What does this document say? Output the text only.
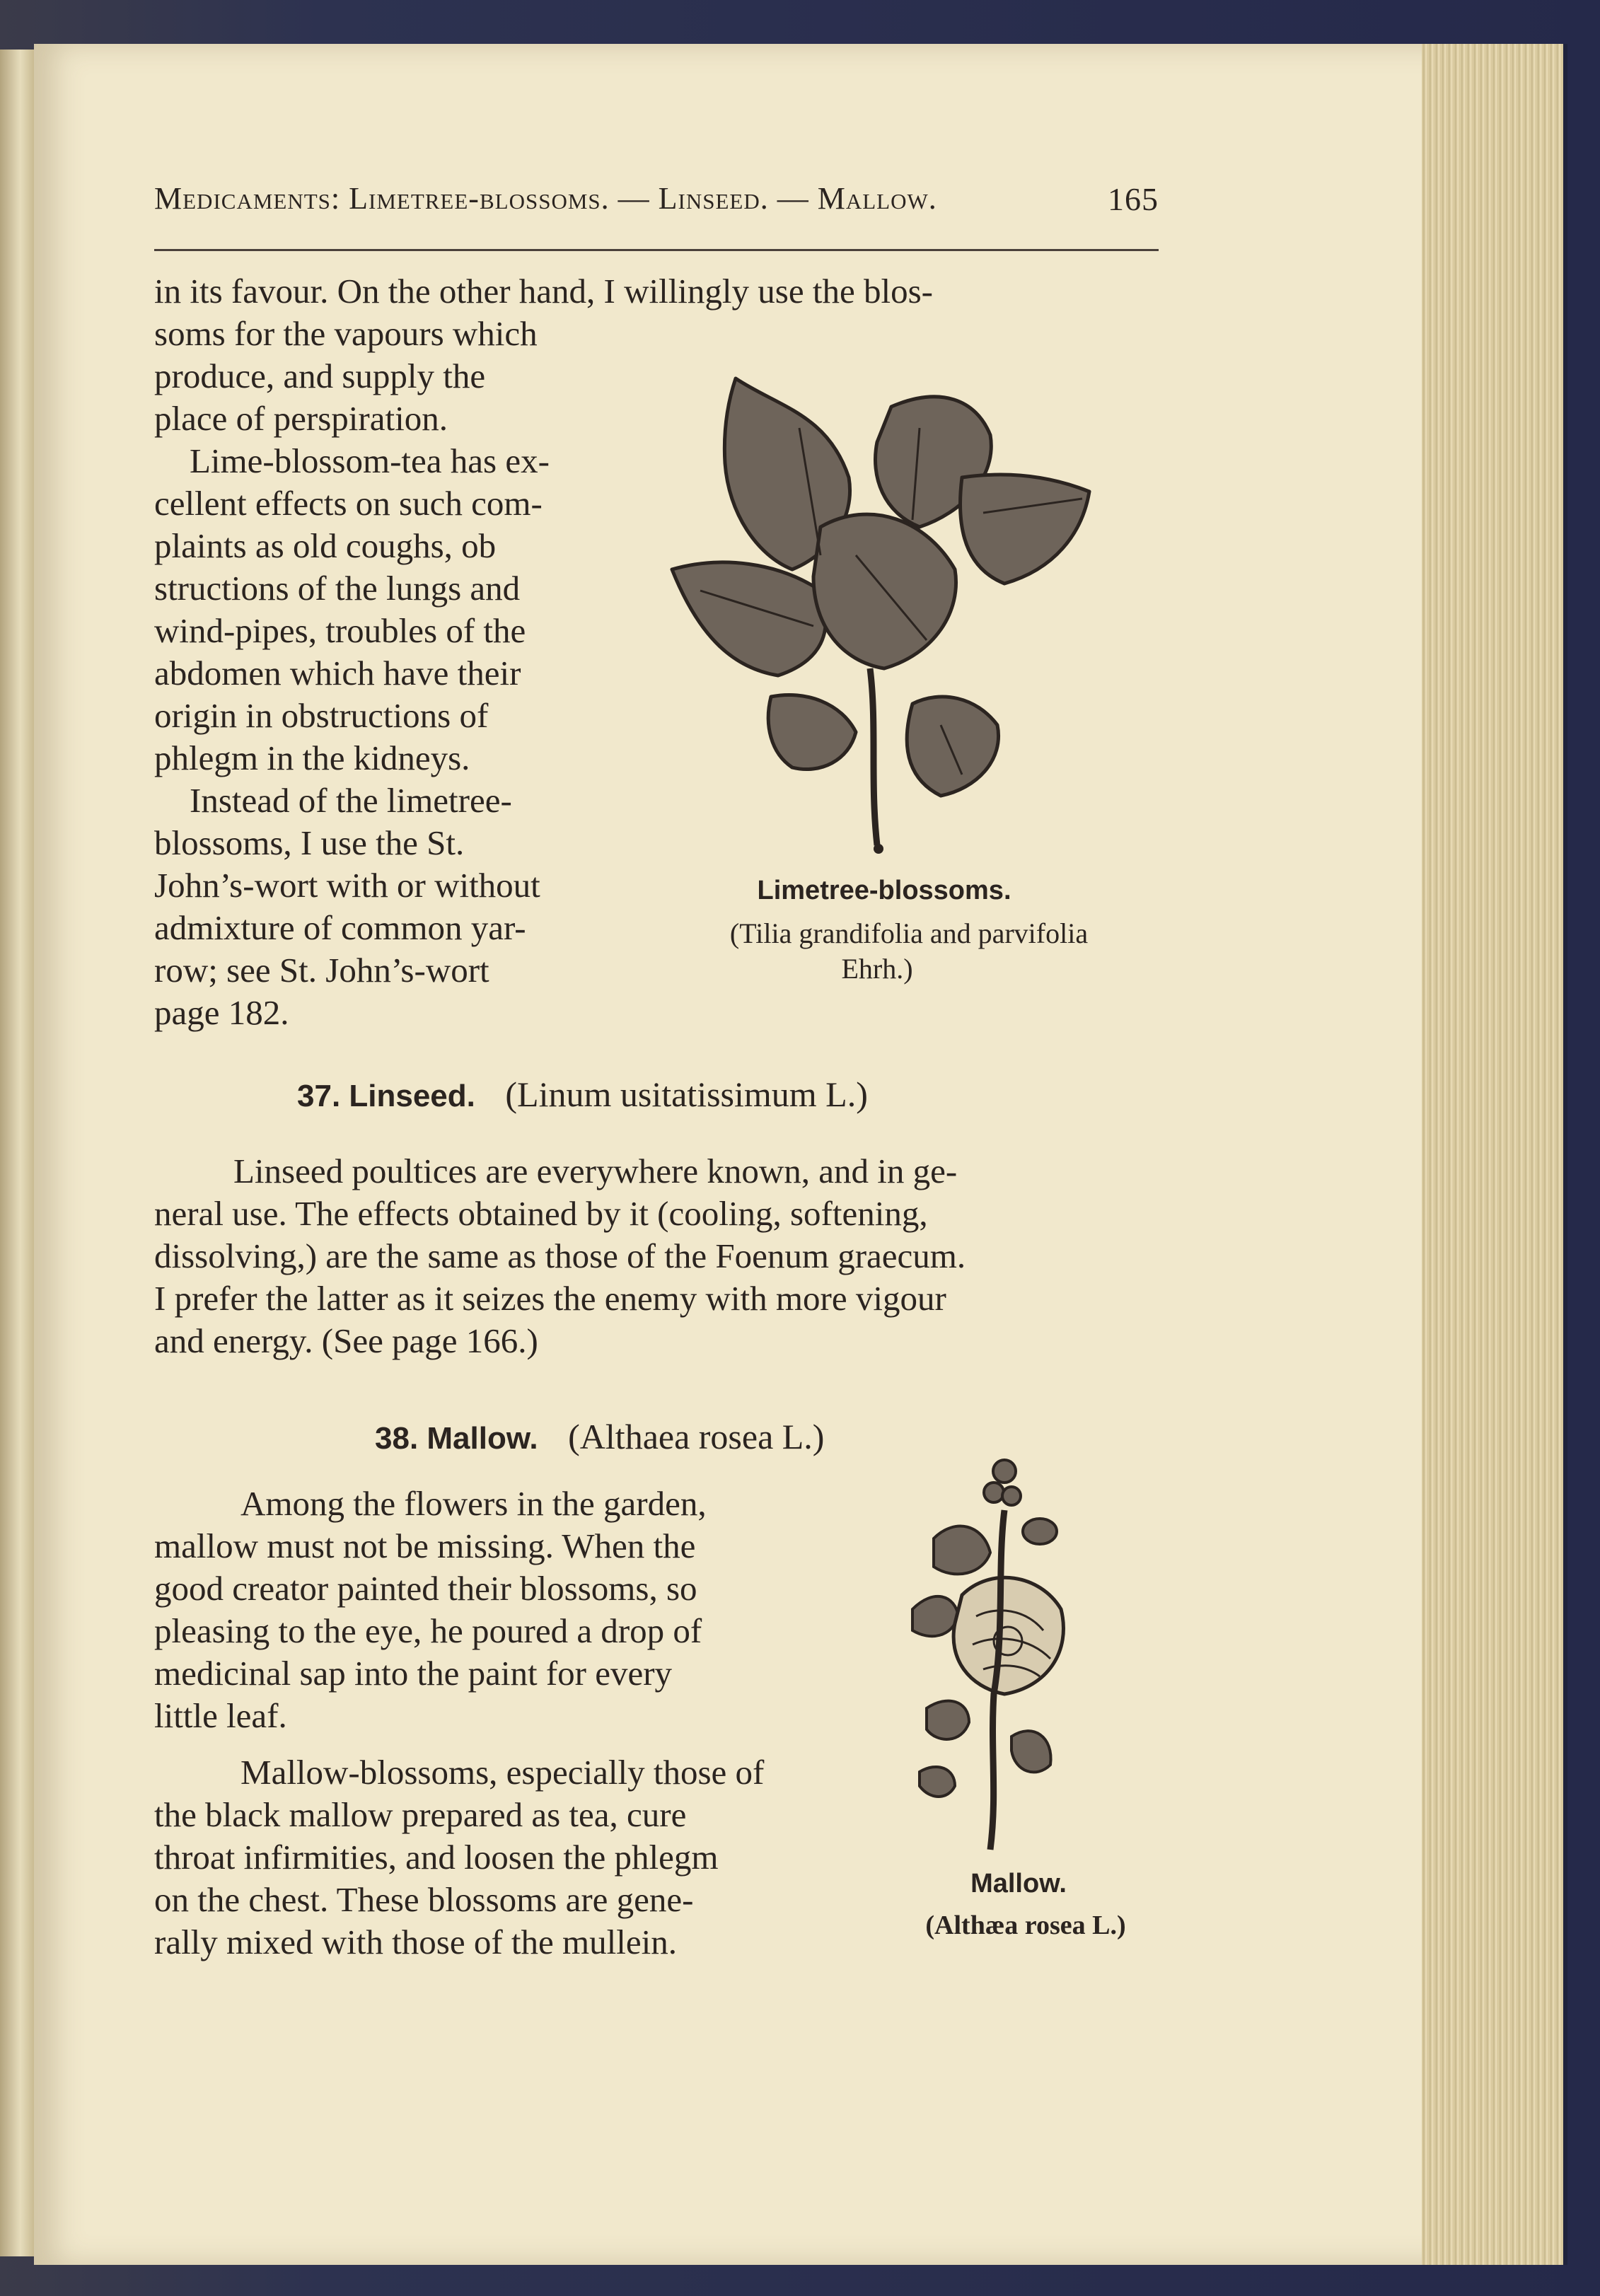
Medicaments: Limetree-blossoms. — Linseed. — Mallow.	165
in its favour. On the other hand, I willingly use the blos-
soms for the vapours which
produce, and supply the
place of perspiration.
Lime-blossom-tea has ex-
cellent effects on such com-
plaints as old coughs, ob
structions of the lungs and
wind-pipes, troubles of the
abdomen which have their
origin in obstructions of
phlegm in the kidneys.
Instead of the limetree-
blossoms, I use the St.
John’s-wort with or without
admixture of common yar-
row; see St. John’s-wort
page 182.
Limetree-blossoms.
(Tilia grandifolia and parvifolia
Ehrh.)
37. Linseed. (Linum usitatissimum L.)
Linseed poultices are everywhere known, and in ge-
neral use. The effects obtained by it (cooling, softening,
dissolving,) are the same as those of the Foenum graecum.
I prefer the latter as it seizes the enemy with more vigour
and energy. (See page 166.)
38. Mallow. (Althaea rosea L.)
Among the flowers in the garden,
mallow must not be missing. When the
good creator painted their blossoms, so
pleasing to the eye, he poured a drop of
medicinal sap into the paint for every
little leaf.
Mallow-blossoms, especially those of
the black mallow prepared as tea, cure
throat infirmities, and loosen the phlegm
on the chest. These blossoms are gene-
rally mixed with those of the mullein.
Mallow.
(Althæa rosea L.)
